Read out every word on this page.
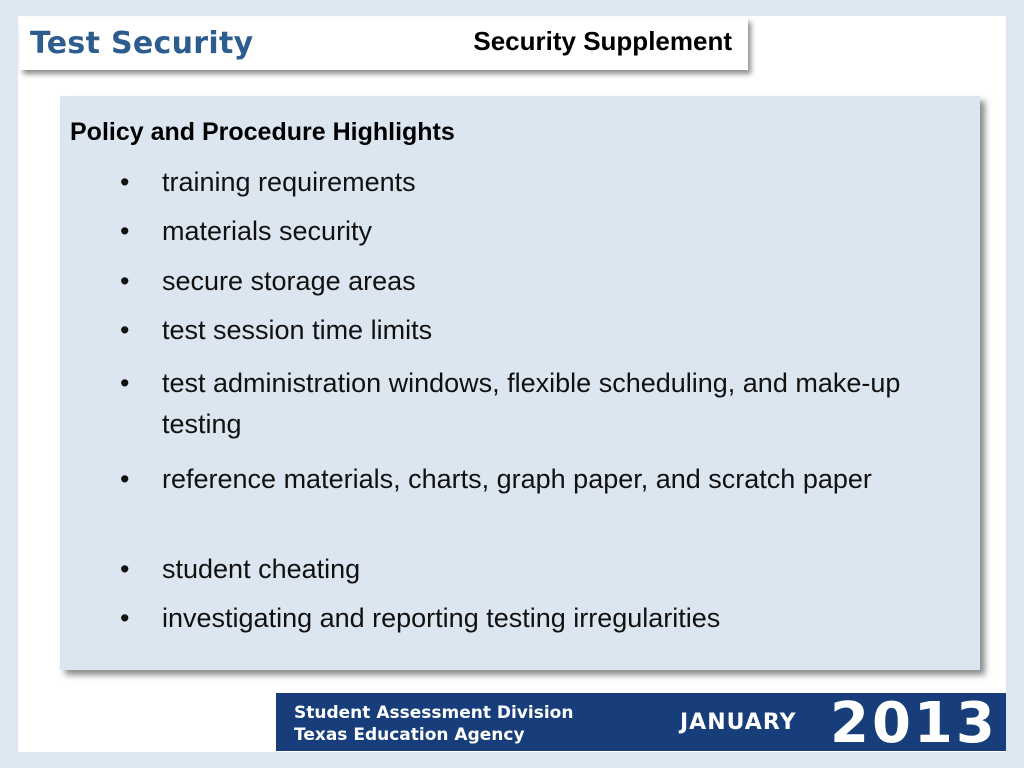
Test Security	Security Supplement
Policy and Procedure Highlights
• training requirements
• materials security
• secure storage areas
• test session time limits
• test administration windows, flexible scheduling, and make-up testing
• reference materials, charts, graph paper, and scratch paper
• student cheating
• investigating and reporting testing irregularities
Student Assessment Division
Texas Education Agency	JANUARY 2013
